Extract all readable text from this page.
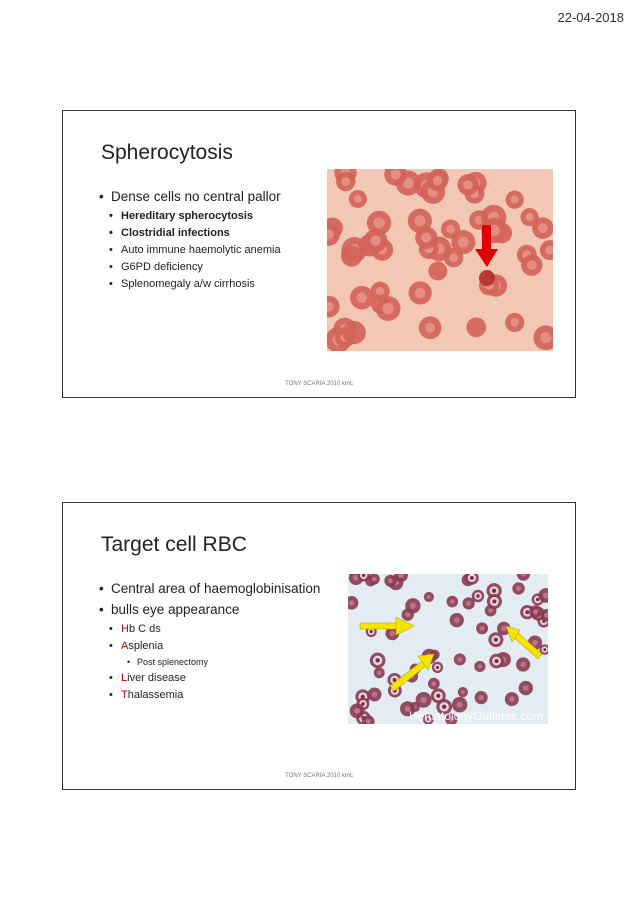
22-04-2018
Spherocytosis
• Dense cells no central pallor
• Hereditary spherocytosis
• Clostridial infections
• Auto immune haemolytic anemia
• G6PD deficiency
• Splenomegaly a/w cirrhosis
TONY SCARIA 2010 kmc
Target cell RBC
• Central area of haemoglobinisation
• bulls eye appearance
• Hb C ds
• Asplenia
• Post splenectomy
• Liver disease
• Thalassemia
HematologyOutlines.com
TONY SCARIA 2010 kmc
